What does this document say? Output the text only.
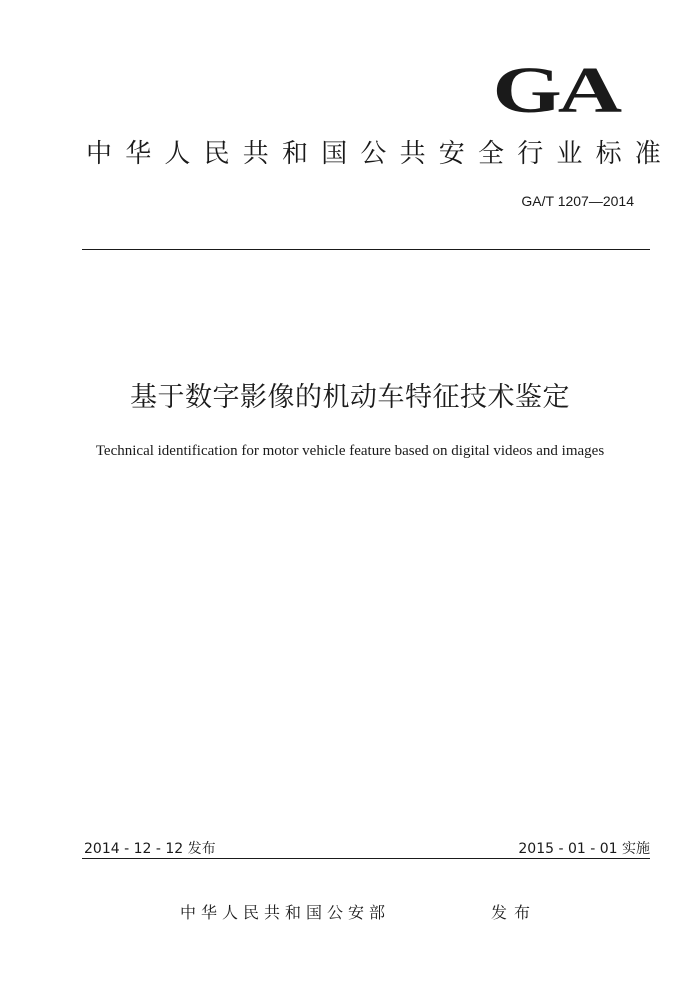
GA
中华人民共和国公共安全行业标准
GA/T 1207—2014
基于数字影像的机动车特征技术鉴定
Technical identification for motor vehicle feature based on digital videos and images
2014 - 12 - 12 发布	2015 - 01 - 01 实施
中华人民共和国公安部	发布
